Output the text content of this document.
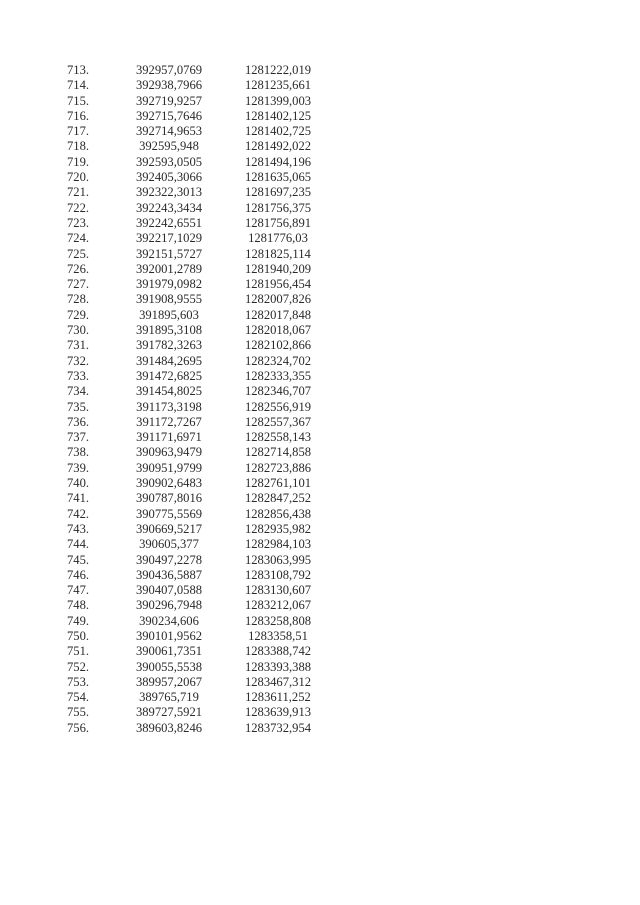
713.	392957,0769	1281222,019
714.	392938,7966	1281235,661
715.	392719,9257	1281399,003
716.	392715,7646	1281402,125
717.	392714,9653	1281402,725
718.	392595,948	1281492,022
719.	392593,0505	1281494,196
720.	392405,3066	1281635,065
721.	392322,3013	1281697,235
722.	392243,3434	1281756,375
723.	392242,6551	1281756,891
724.	392217,1029	1281776,03
725.	392151,5727	1281825,114
726.	392001,2789	1281940,209
727.	391979,0982	1281956,454
728.	391908,9555	1282007,826
729.	391895,603	1282017,848
730.	391895,3108	1282018,067
731.	391782,3263	1282102,866
732.	391484,2695	1282324,702
733.	391472,6825	1282333,355
734.	391454,8025	1282346,707
735.	391173,3198	1282556,919
736.	391172,7267	1282557,367
737.	391171,6971	1282558,143
738.	390963,9479	1282714,858
739.	390951,9799	1282723,886
740.	390902,6483	1282761,101
741.	390787,8016	1282847,252
742.	390775,5569	1282856,438
743.	390669,5217	1282935,982
744.	390605,377	1282984,103
745.	390497,2278	1283063,995
746.	390436,5887	1283108,792
747.	390407,0588	1283130,607
748.	390296,7948	1283212,067
749.	390234,606	1283258,808
750.	390101,9562	1283358,51
751.	390061,7351	1283388,742
752.	390055,5538	1283393,388
753.	389957,2067	1283467,312
754.	389765,719	1283611,252
755.	389727,5921	1283639,913
756.	389603,8246	1283732,954
